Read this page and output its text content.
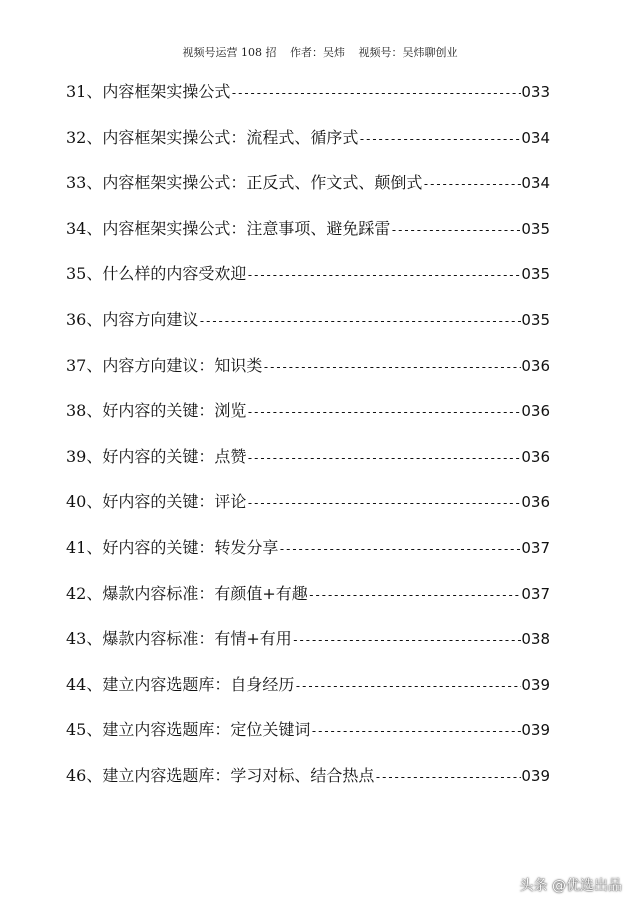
视频号运营 108 招 作者：吴炜 视频号：吴炜聊创业
31、内容框架实操公式 -----	033
32、内容框架实操公式：流程式、循序式 -----	034
33、内容框架实操公式：正反式、作文式、颠倒式 -----	034
34、内容框架实操公式：注意事项、避免踩雷 -----	035
35、什么样的内容受欢迎 -----	035
36、内容方向建议 -----	035
37、内容方向建议：知识类 -----	036
38、好内容的关键：浏览 -----	036
39、好内容的关键：点赞 -----	036
40、好内容的关键：评论 -----	036
41、好内容的关键：转发分享 -----	037
42、爆款内容标准：有颜值+有趣 -----	037
43、爆款内容标准：有情+有用 -----	038
44、建立内容选题库：自身经历 -----	039
45、建立内容选题库：定位关键词 -----	039
46、建立内容选题库：学习对标、结合热点 -----	039
头条 @优选出品
